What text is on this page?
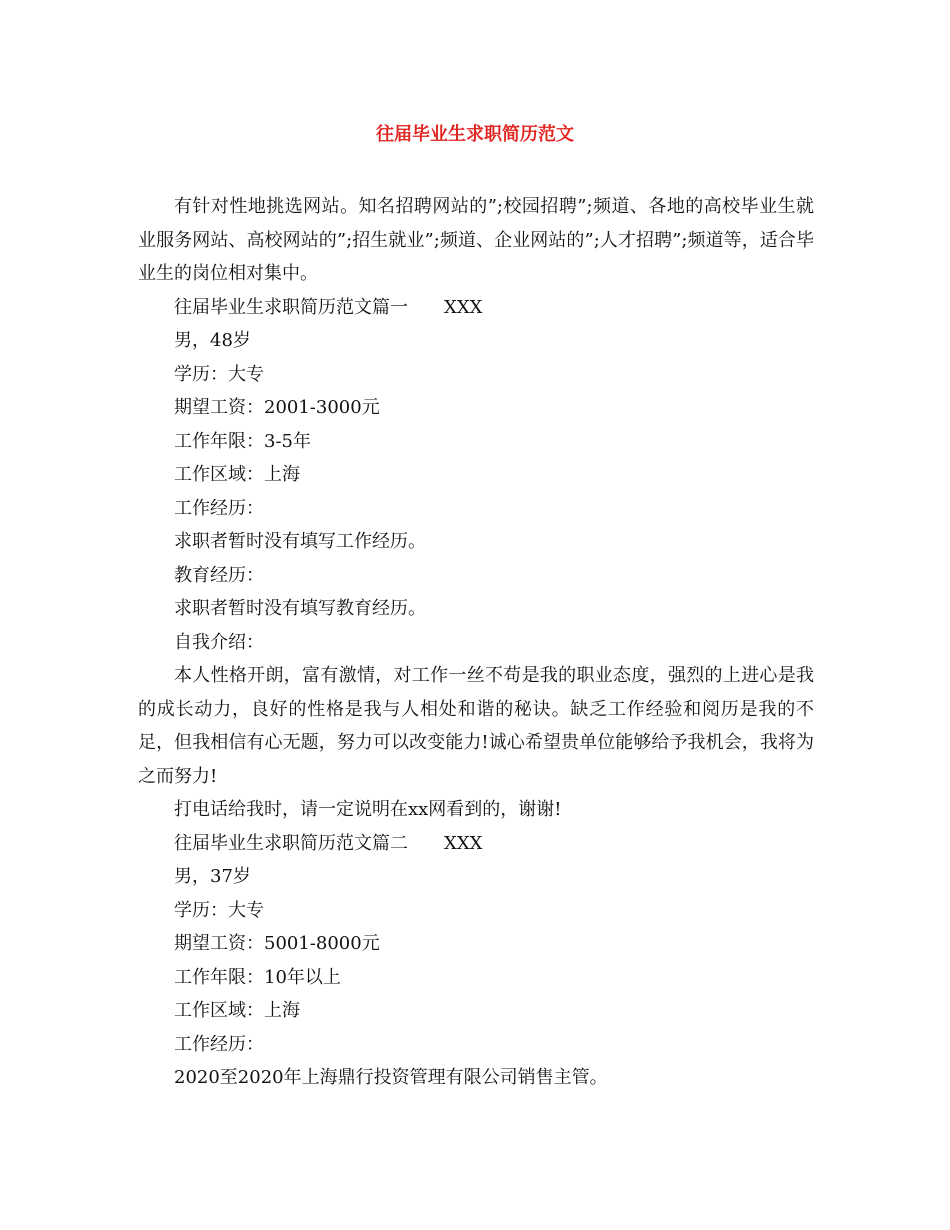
往届毕业生求职简历范文

有针对性地挑选网站。知名招聘网站的”;校园招聘”;频道、各地的高校毕业生就业服务网站、高校网站的”;招生就业”;频道、企业网站的”;人才招聘”;频道等，适合毕业生的岗位相对集中。

往届毕业生求职简历范文篇一 XXX
男，48岁
学历：大专
期望工资：2001-3000元
工作年限：3-5年
工作区域：上海
工作经历：
求职者暂时没有填写工作经历。
教育经历：
求职者暂时没有填写教育经历。
自我介绍：

本人性格开朗，富有激情，对工作一丝不苟是我的职业态度，强烈的上进心是我的成长动力，良好的性格是我与人相处和谐的秘诀。缺乏工作经验和阅历是我的不足，但我相信有心无题，努力可以改变能力!诚心希望贵单位能够给予我机会，我将为之而努力!

打电话给我时，请一定说明在xx网看到的，谢谢!
往届毕业生求职简历范文篇二 XXX
男，37岁
学历：大专
期望工资：5001-8000元
工作年限：10年以上
工作区域：上海
工作经历：
2020至2020年上海鼎行投资管理有限公司销售主管。
